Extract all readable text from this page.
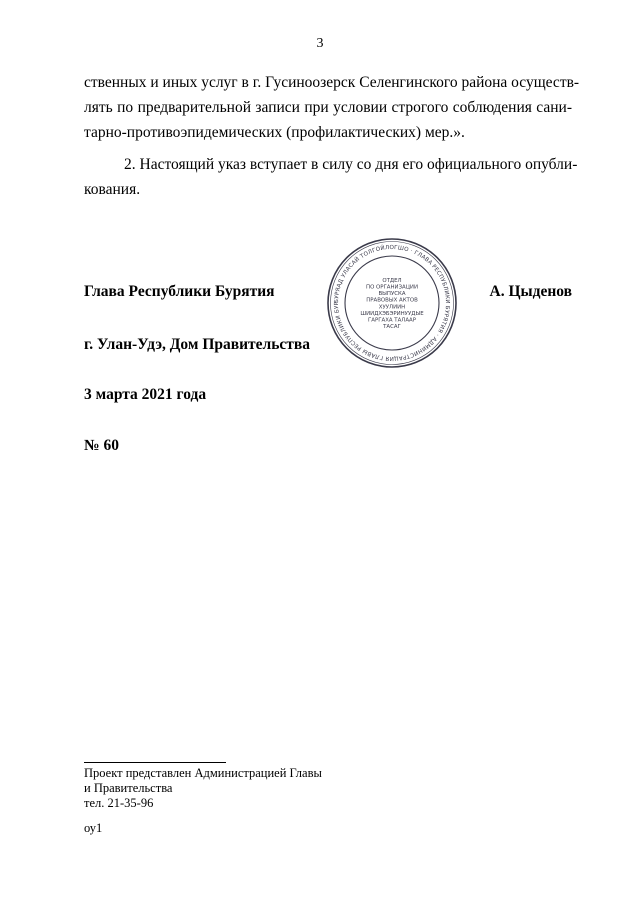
3
ственных и иных услуг в г. Гусиноозерск Селенгинского района осуществ-
лять по предварительной записи при условии строгого соблюдения сани-
тарно-противоэпидемических (профилактических) мер.».
2. Настоящий указ вступает в силу со дня его официального опубли-
кования.
БУРЯАД УЛАСАЙ ТОЛГОЙЛОГШО · ГЛАВА РЕСПУБЛИКИ БУРЯТИЯ · АДМИНИСТРАЦИЯ ГЛАВЫ РЕСПУБЛИКИ БУР
ОТДЕЛ
ПО ОРГАНИЗАЦИИ
ВЫПУСКА
ПРАВОВЫХ АКТОВ
ХУУЛИИН
ШИИДХЭБЭРИНУУДЫЕ
ГАРГАХА ТАЛААР
ТАСАГ
Глава Республики Бурятия	А. Цыденов
г. Улан-Удэ, Дом Правительства
3 марта 2021 года
№ 60
Проект представлен Администрацией Главы
и Правительства
тел. 21-35-96
оу1
